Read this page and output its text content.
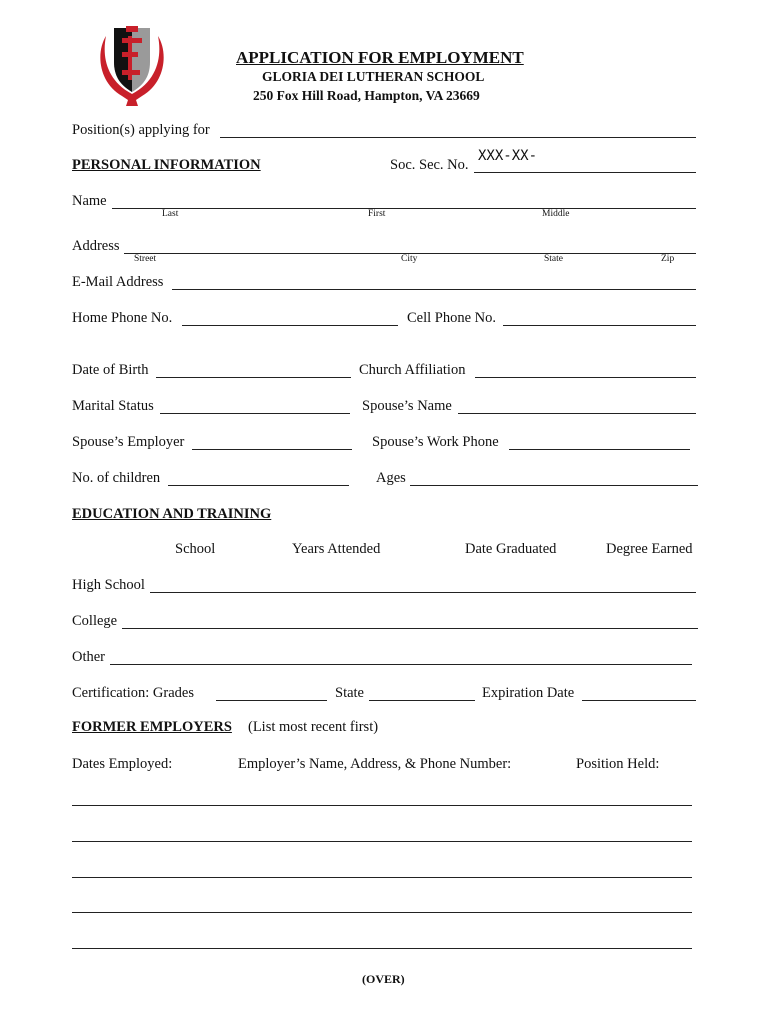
APPLICATION FOR EMPLOYMENT
GLORIA DEI LUTHERAN SCHOOL
250 Fox Hill Road, Hampton, VA 23669
Position(s) applying for
PERSONAL INFORMATION	Soc. Sec. No.
XXX-XX-
Name
Last	First	Middle
Address
Street	City	State	Zip
E-Mail Address
Home Phone No.	Cell Phone No.
Date of Birth	Church Affiliation
Marital Status	Spouse’s Name
Spouse’s Employer	Spouse’s Work Phone
No. of children	Ages
EDUCATION AND TRAINING
School	Years Attended	Date Graduated	Degree Earned
High School
College
Other
Certification: Grades	State	Expiration Date
FORMER EMPLOYERS (List most recent first)
Dates Employed:	Employer’s Name, Address, & Phone Number:	Position Held:
(OVER)
